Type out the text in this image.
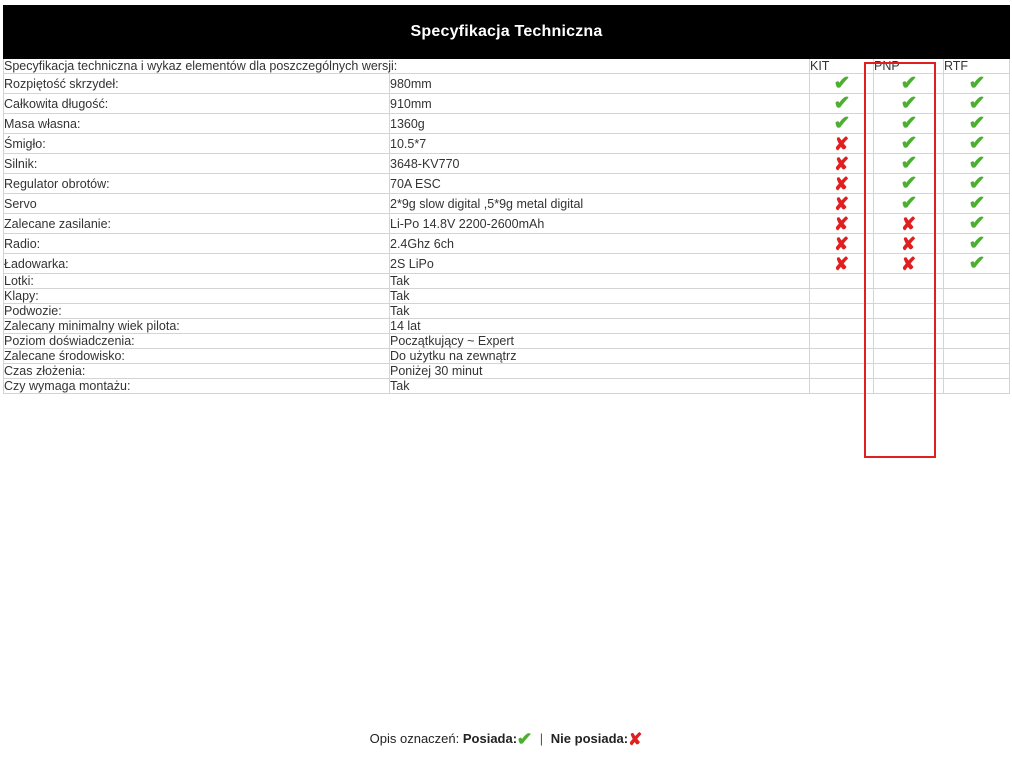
Specyfikacja Techniczna				
Specyfikacja techniczna i wykaz elementów dla poszczególnych wersji:		KIT	PNP	RTF
Rozpiętość skrzydeł:	980mm	✔	✔	✔
Całkowita długość:	910mm	✔	✔	✔
Masa własna:	1360g	✔	✔	✔
Śmigło:	10.5*7	✘	✔	✔
Silnik:	3648-KV770	✘	✔	✔
Regulator obrotów:	70A ESC	✘	✔	✔
Servo	2*9g slow digital ,5*9g metal digital	✘	✔	✔
Zalecane zasilanie:	Li-Po 14.8V 2200-2600mAh	✘	✘	✔
Radio:	2.4Ghz 6ch	✘	✘	✔
Ładowarka:	2S LiPo	✘	✘	✔
Lotki:	Tak			
Klapy:	Tak			
Podwozie:	Tak			
Zalecany minimalny wiek pilota:	14 lat			
Poziom doświadczenia:	Początkujący ~ Expert			
Zalecane środowisko:	Do użytku na zewnątrz			
Czas złożenia:	Poniżej 30 minut			
Czy wymaga montażu:	Tak			
Opis oznaczeń: Posiada:✔ | Nie posiada:✘
